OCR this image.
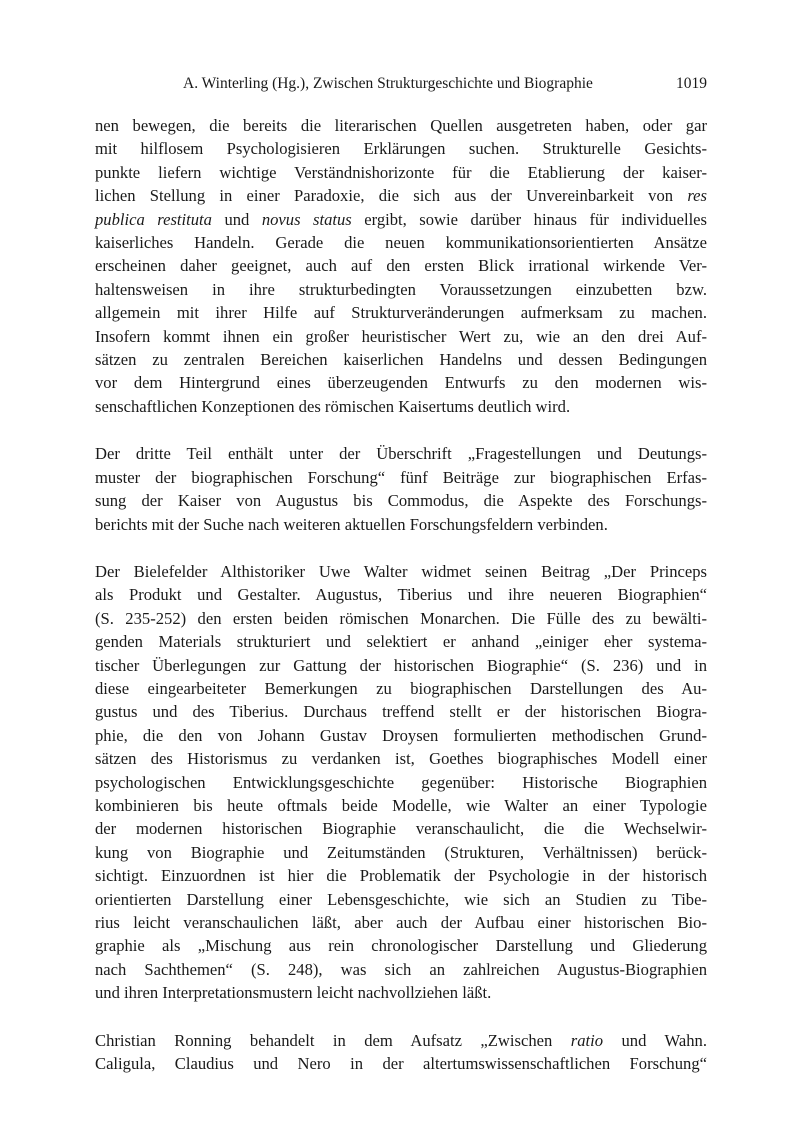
A. Winterling (Hg.), Zwischen Strukturgeschichte und Biographie	1019

nen bewegen, die bereits die literarischen Quellen ausgetreten haben, oder gar
mit hilflosem Psychologisieren Erklärungen suchen. Strukturelle Gesichts-
punkte liefern wichtige Verständnishorizonte für die Etablierung der kaiser-
lichen Stellung in einer Paradoxie, die sich aus der Unvereinbarkeit von res
publica restituta und novus status ergibt, sowie darüber hinaus für individuelles
kaiserliches Handeln. Gerade die neuen kommunikationsorientierten Ansätze
erscheinen daher geeignet, auch auf den ersten Blick irrational wirkende Ver-
haltensweisen in ihre strukturbedingten Voraussetzungen einzubetten bzw.
allgemein mit ihrer Hilfe auf Strukturveränderungen aufmerksam zu machen.
Insofern kommt ihnen ein großer heuristischer Wert zu, wie an den drei Auf-
sätzen zu zentralen Bereichen kaiserlichen Handelns und dessen Bedingungen
vor dem Hintergrund eines überzeugenden Entwurfs zu den modernen wis-
senschaftlichen Konzeptionen des römischen Kaisertums deutlich wird.

Der dritte Teil enthält unter der Überschrift „Fragestellungen und Deutungs-
muster der biographischen Forschung“ fünf Beiträge zur biographischen Erfas-
sung der Kaiser von Augustus bis Commodus, die Aspekte des Forschungs-
berichts mit der Suche nach weiteren aktuellen Forschungsfeldern verbinden.

Der Bielefelder Althistoriker Uwe Walter widmet seinen Beitrag „Der Princeps
als Produkt und Gestalter. Augustus, Tiberius und ihre neueren Biographien“
(S. 235-252) den ersten beiden römischen Monarchen. Die Fülle des zu bewälti-
genden Materials strukturiert und selektiert er anhand „einiger eher systema-
tischer Überlegungen zur Gattung der historischen Biographie“ (S. 236) und in
diese eingearbeiteter Bemerkungen zu biographischen Darstellungen des Au-
gustus und des Tiberius. Durchaus treffend stellt er der historischen Biogra-
phie, die den von Johann Gustav Droysen formulierten methodischen Grund-
sätzen des Historismus zu verdanken ist, Goethes biographisches Modell einer
psychologischen Entwicklungsgeschichte gegenüber: Historische Biographien
kombinieren bis heute oftmals beide Modelle, wie Walter an einer Typologie
der modernen historischen Biographie veranschaulicht, die die Wechselwir-
kung von Biographie und Zeitumständen (Strukturen, Verhältnissen) berück-
sichtigt. Einzuordnen ist hier die Problematik der Psychologie in der historisch
orientierten Darstellung einer Lebensgeschichte, wie sich an Studien zu Tibe-
rius leicht veranschaulichen läßt, aber auch der Aufbau einer historischen Bio-
graphie als „Mischung aus rein chronologischer Darstellung und Gliederung
nach Sachthemen“ (S. 248), was sich an zahlreichen Augustus-Biographien
und ihren Interpretationsmustern leicht nachvollziehen läßt.

Christian Ronning behandelt in dem Aufsatz „Zwischen ratio und Wahn.
Caligula, Claudius und Nero in der altertumswissenschaftlichen Forschung“
